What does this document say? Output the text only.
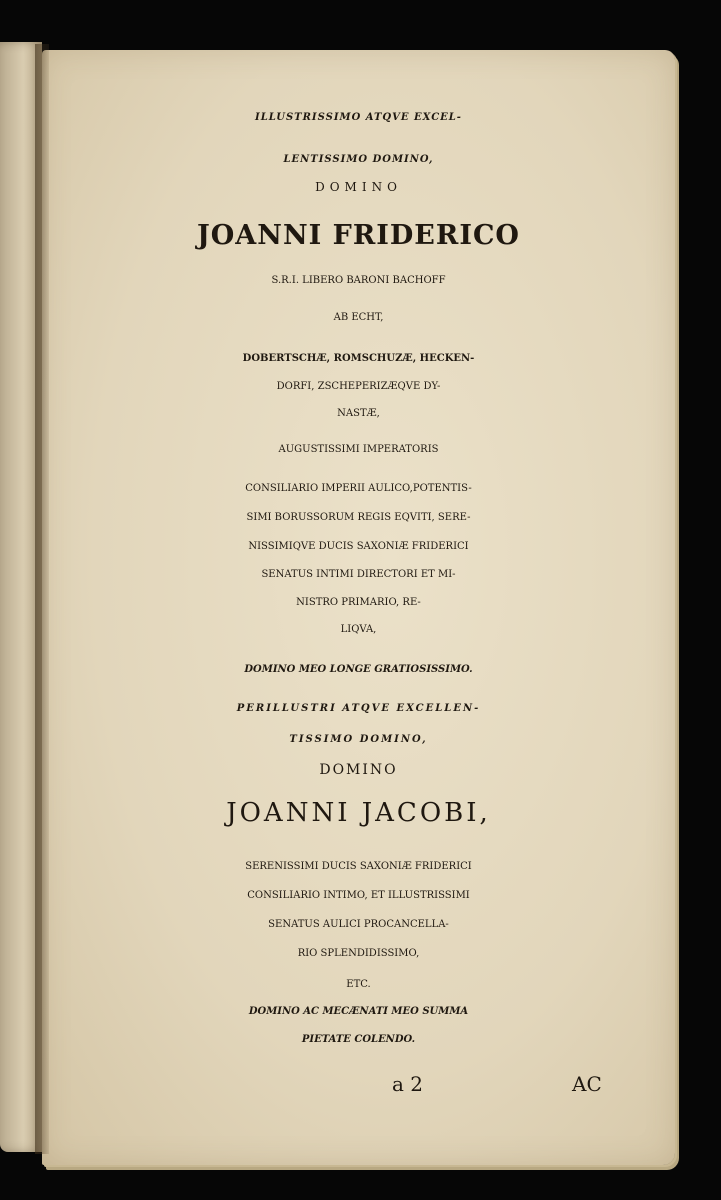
ILLUSTRISSIMO ATQVE EXCEL-
LENTISSIMO DOMINO,
DOMINO
JOANNI FRIDERICO
S.R.I. LIBERO BARONI BACHOFF
AB ECHT,
DOBERTSCHÆ, ROMSCHUZÆ, HECKEN-
DORFI, ZSCHEPERIZÆQVE DY-
NASTÆ,
AUGUSTISSIMI IMPERATORIS
CONSILIARIO IMPERII AULICO,POTENTIS-
SIMI BORUSSORUM REGIS EQVITI, SERE-
NISSIMIQVE DUCIS SAXONIÆ FRIDERICI
SENATUS INTIMI DIRECTORI ET MI-
NISTRO PRIMARIO, RE-
LIQVA,
DOMINO MEO LONGE GRATIOSISSIMO.
PERILLUSTRI ATQVE EXCELLEN-
TISSIMO DOMINO,
DOMINO
JOANNI JACOBI,
SERENISSIMI DUCIS SAXONIÆ FRIDERICI
CONSILIARIO INTIMO, ET ILLUSTRISSIMI
SENATUS AULICI PROCANCELLA-
RIO SPLENDIDISSIMO,
ETC.
DOMINO AC MECÆNATI MEO SUMMA
PIETATE COLENDO.
a 2	AC
